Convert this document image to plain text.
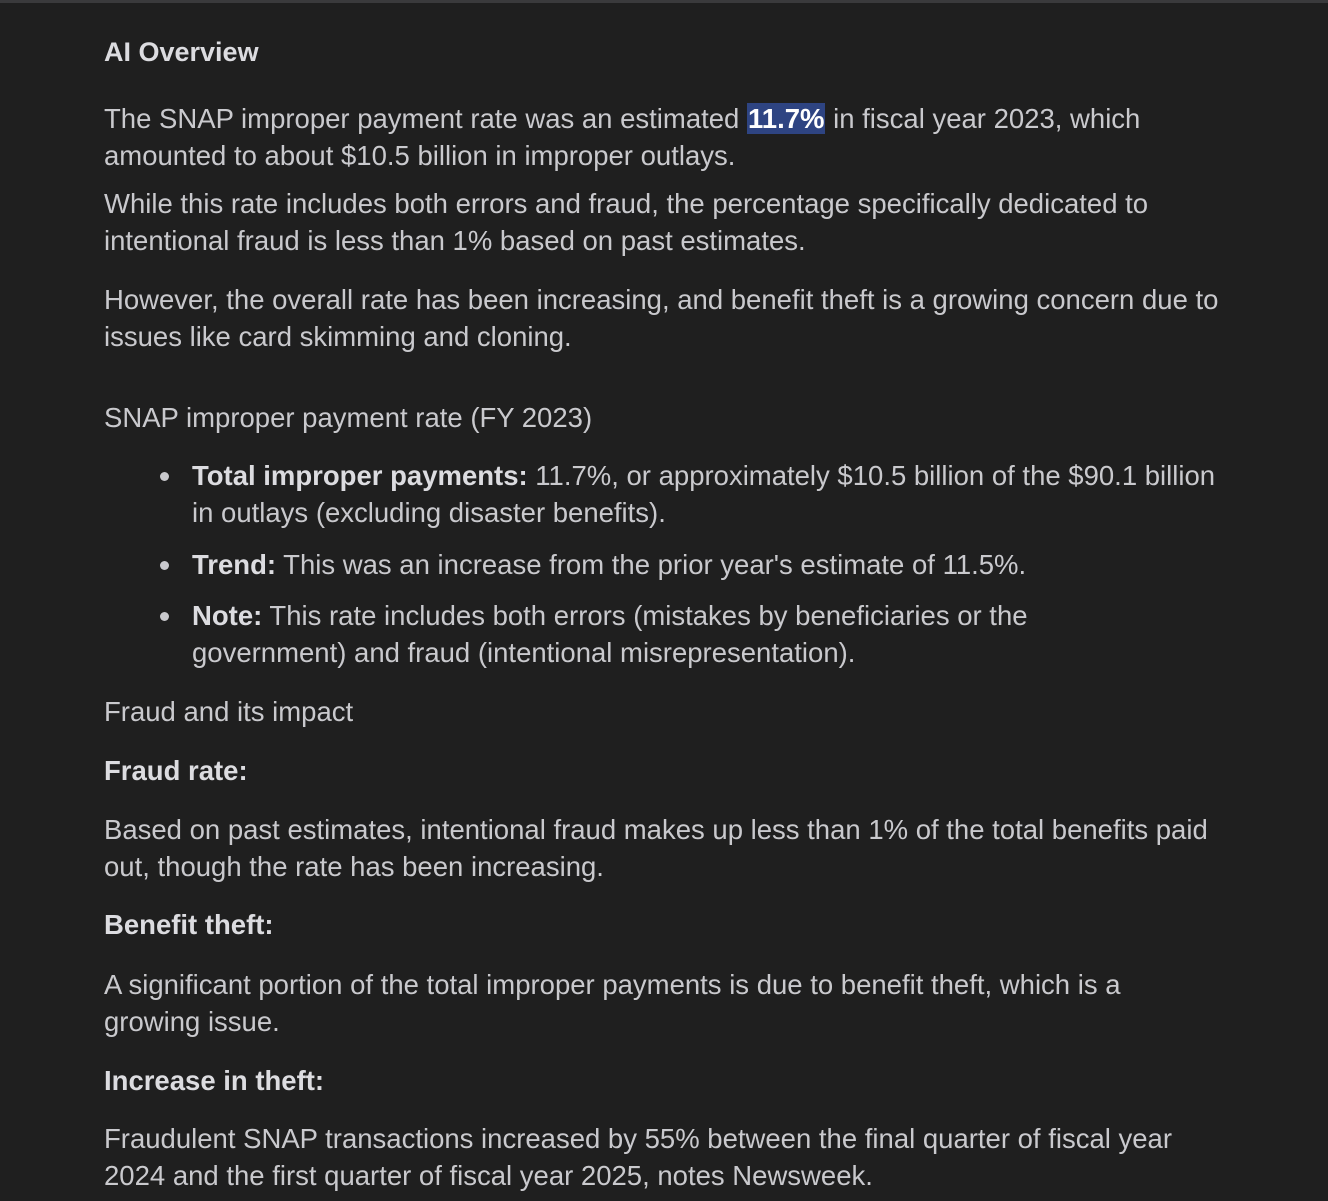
AI Overview

The SNAP improper payment rate was an estimated 11.7% in fiscal year 2023, which amounted to about $10.5 billion in improper outlays.

While this rate includes both errors and fraud, the percentage specifically dedicated to intentional fraud is less than 1% based on past estimates.

However, the overall rate has been increasing, and benefit theft is a growing concern due to issues like card skimming and cloning.

SNAP improper payment rate (FY 2023)

Total improper payments: 11.7%, or approximately $10.5 billion of the $90.1 billion in outlays (excluding disaster benefits).
Trend: This was an increase from the prior year's estimate of 11.5%.
Note: This rate includes both errors (mistakes by beneficiaries or the government) and fraud (intentional misrepresentation).

Fraud and its impact

Fraud rate:

Based on past estimates, intentional fraud makes up less than 1% of the total benefits paid out, though the rate has been increasing.

Benefit theft:

A significant portion of the total improper payments is due to benefit theft, which is a growing issue.

Increase in theft:

Fraudulent SNAP transactions increased by 55% between the final quarter of fiscal year 2024 and the first quarter of fiscal year 2025, notes Newsweek.
